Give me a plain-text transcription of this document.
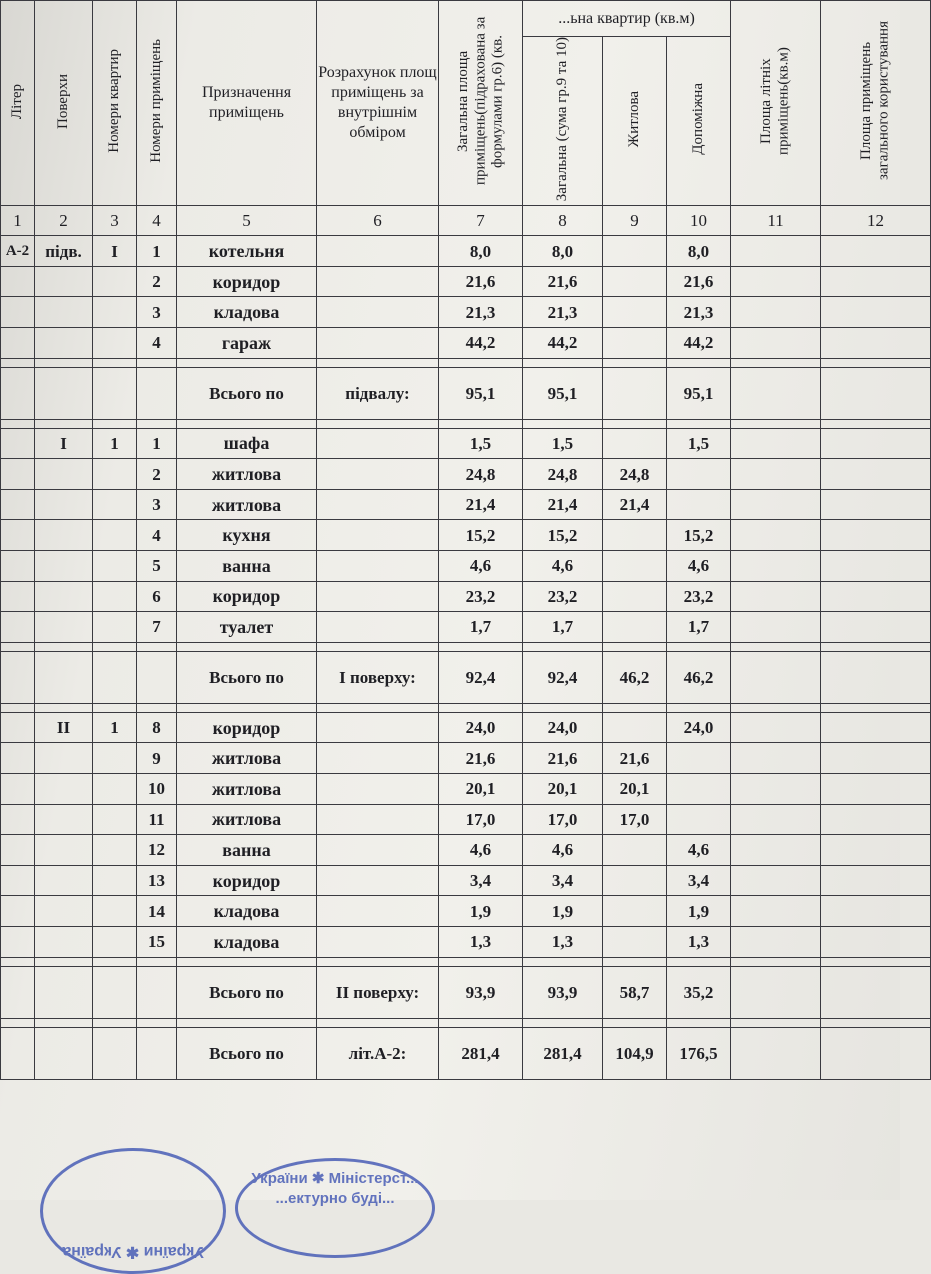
Літер	Поверхи	Номери квартир	Номери приміщень	Призначення приміщень	Розрахунок площ приміщень за внутрішнім обміром	Загальна площа приміщень(підрахована за формулами гр.6) (кв.	...ьна квартир (кв.м)			Площа літніх приміщень(кв.м)	Площа приміщень загального користування
							Загальна (сума гр.9 та 10)	Житлова	Допоміжна		
1	2	3	4	5	6	7	8	9	10	11	12
А-2	підв.	І	1	котельня		8,0	8,0		8,0		
			2	коридор		21,6	21,6		21,6		
			3	кладова		21,3	21,3		21,3		
			4	гараж		44,2	44,2		44,2		

				Всього по	підвалу:	95,1	95,1		95,1		

	І	1	1	шафа		1,5	1,5		1,5		
			2	житлова		24,8	24,8	24,8			
			3	житлова		21,4	21,4	21,4			
			4	кухня		15,2	15,2		15,2		
			5	ванна		4,6	4,6		4,6		
			6	коридор		23,2	23,2		23,2		
			7	туалет		1,7	1,7		1,7		

				Всього по	І поверху:	92,4	92,4	46,2	46,2		

	ІІ	1	8	коридор		24,0	24,0		24,0		
			9	житлова		21,6	21,6	21,6			
			10	житлова		20,1	20,1	20,1			
			11	житлова		17,0	17,0	17,0			
			12	ванна		4,6	4,6		4,6		
			13	коридор		3,4	3,4		3,4		
			14	кладова		1,9	1,9		1,9		
			15	кладова		1,3	1,3		1,3		

				Всього по	ІІ поверху:	93,9	93,9	58,7	35,2		

				Всього по	літ.А-2:	281,4	281,4	104,9	176,5		
України ✱ Україна
України ✱ Міністерст... ...ектурно буді...
